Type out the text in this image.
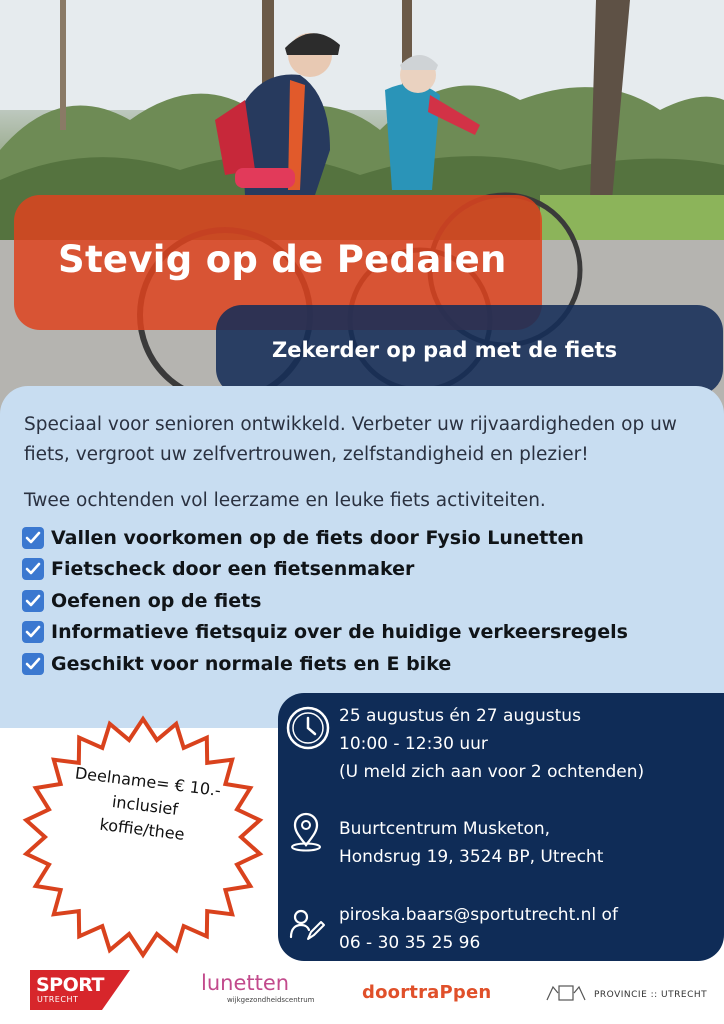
Stevig op de Pedalen
Zekerder op pad met de fiets

Speciaal voor senioren ontwikkeld. Verbeter uw rijvaardigheden op uw fiets, vergroot uw zelfvertrouwen, zelfstandigheid en plezier!

Twee ochtenden vol leerzame en leuke fiets activiteiten.

Vallen voorkomen op de fiets door Fysio Lunetten
Fietscheck door een fietsenmaker
Oefenen op de fiets
Informatieve fietsquiz over de huidige verkeersregels
Geschikt voor normale fiets en E bike
Deelname= € 10.-
inclusief
koffie/thee
25 augustus én 27 augustus
10:00 - 12:30 uur
(U meld zich aan voor 2 ochtenden)
Buurtcentrum Musketon,
Hondsrug 19, 3524 BP, Utrecht
piroska.baars@sportutrecht.nl of
06 - 30 35 25 96
SPORT
UTRECHT
lunetten
wijkgezondheidscentrum	doortraPpen	PROVINCIE :: UTRECHT
